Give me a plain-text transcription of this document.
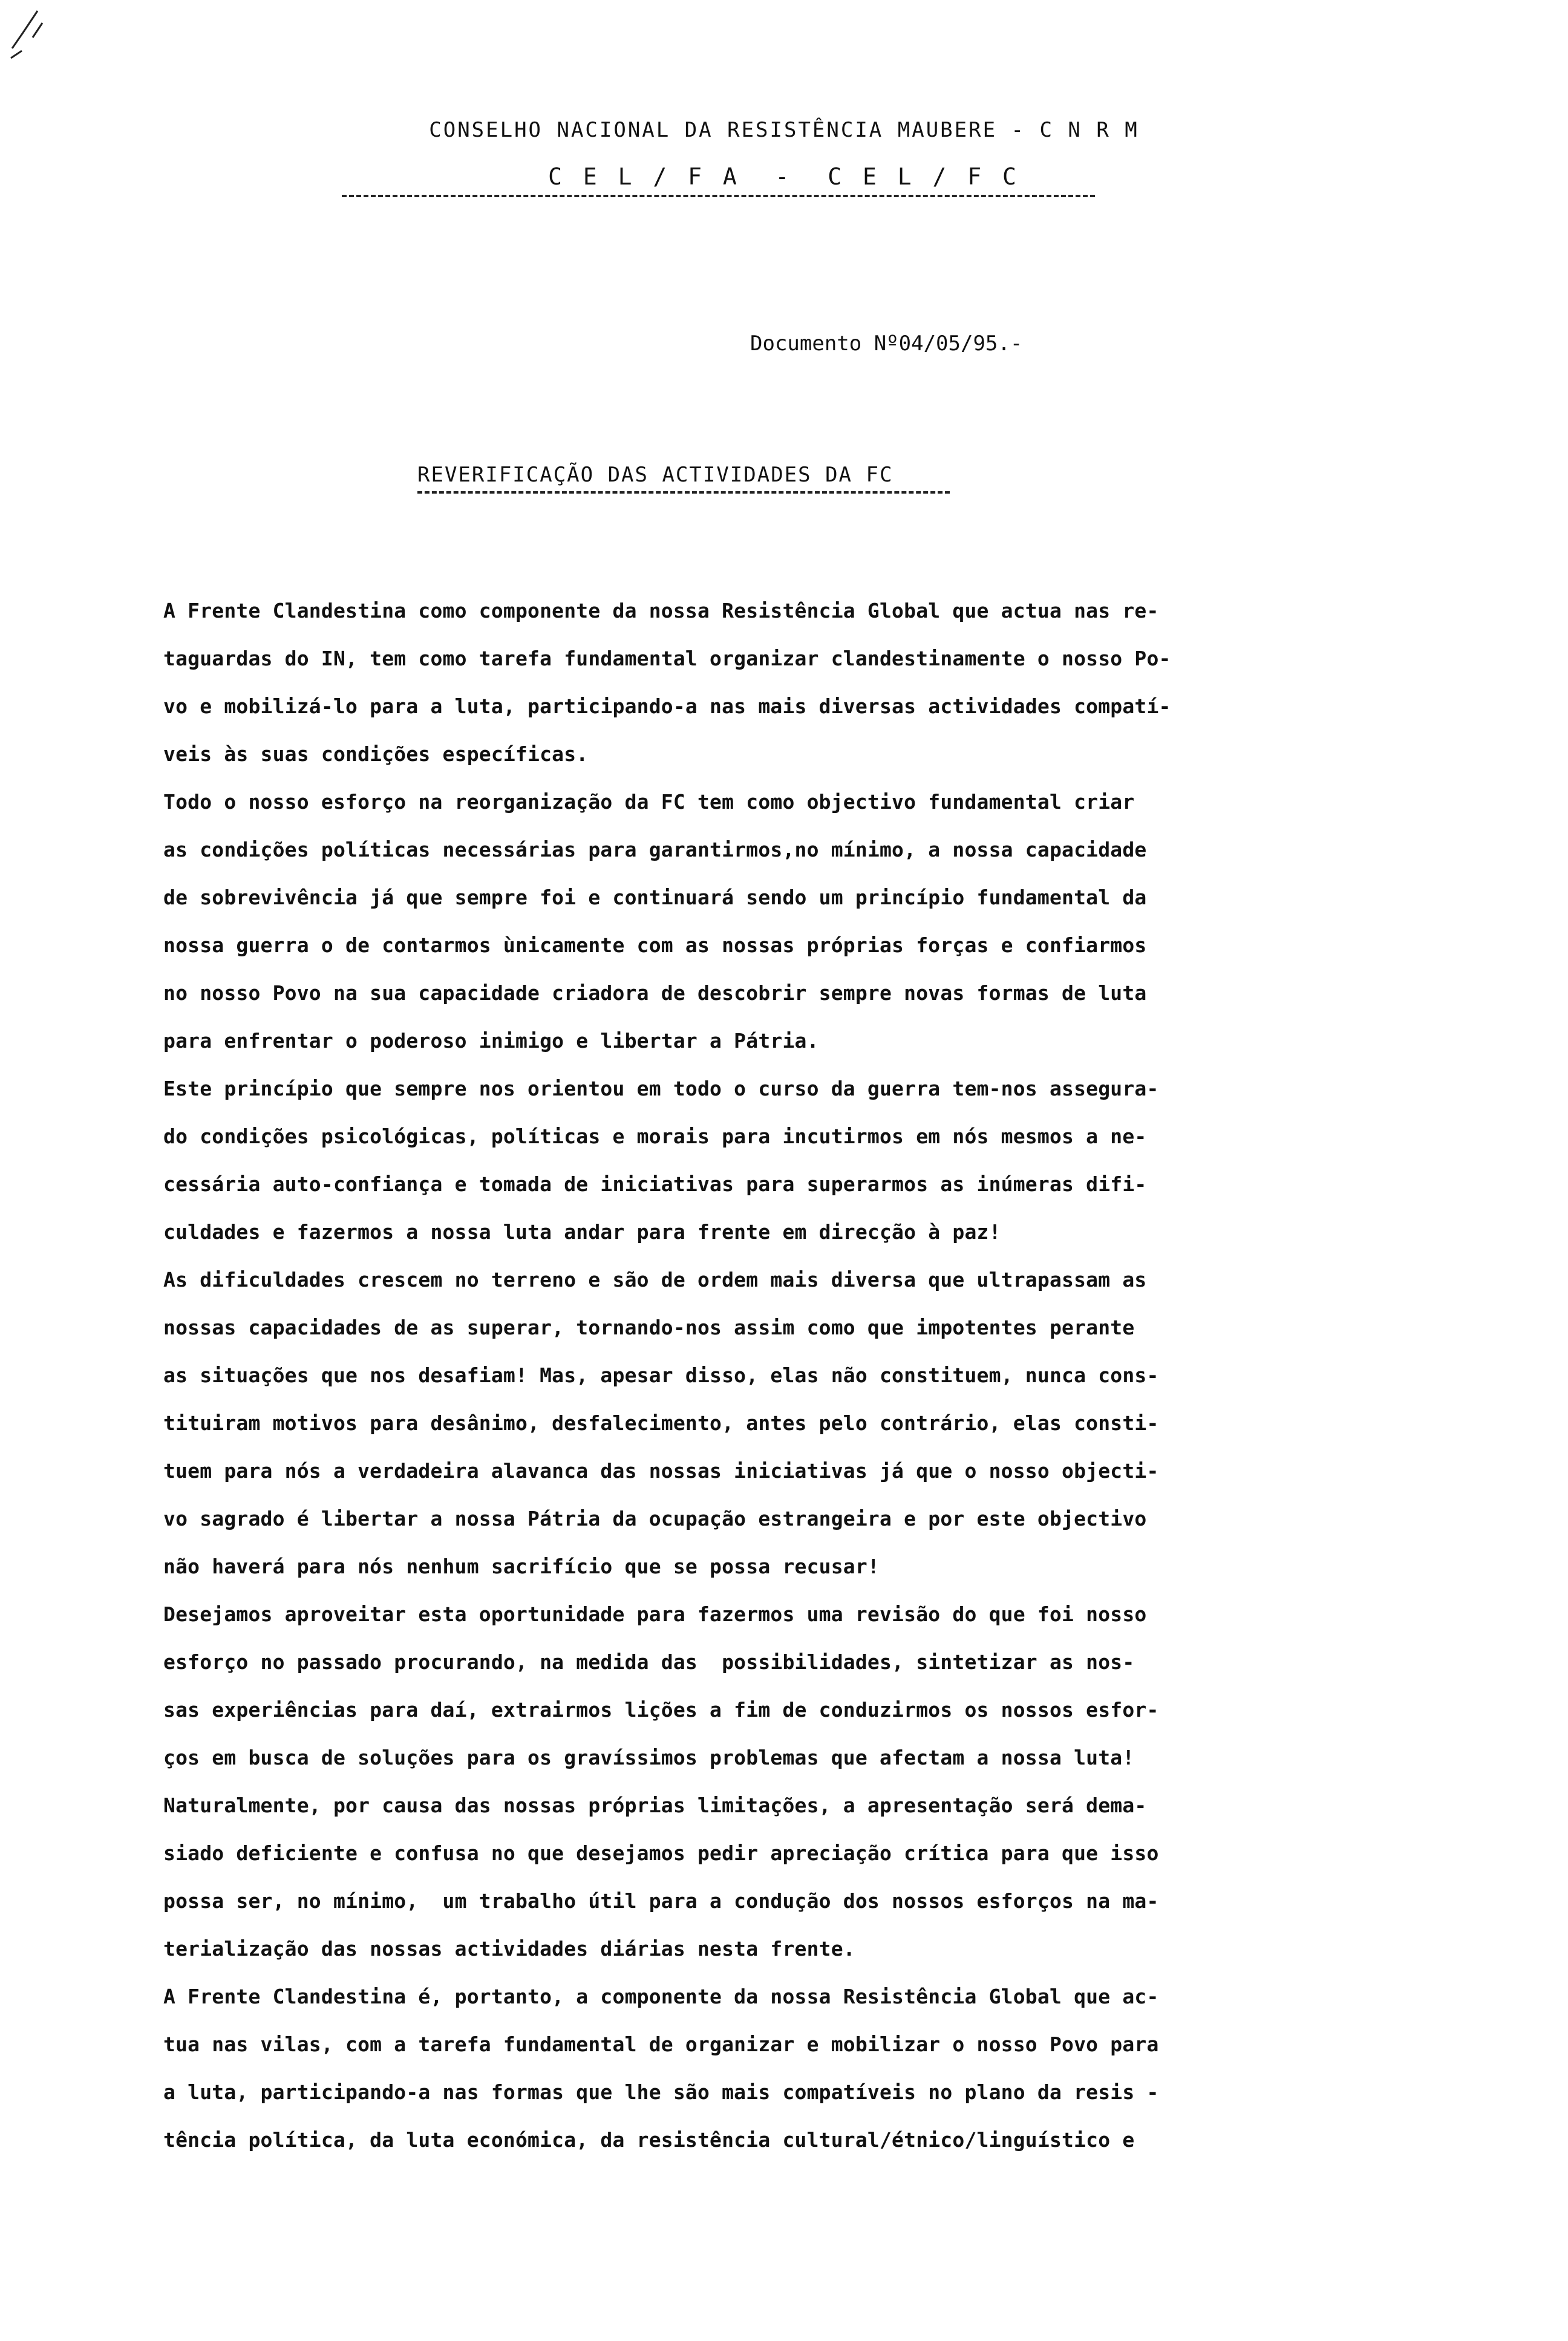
CONSELHO NACIONAL DA RESISTÊNCIA MAUBERE - C N R M
C E L / F A  -  C E L / F C
Documento Nº04/05/95.-
REVERIFICAÇÃO DAS ACTIVIDADES DA FC
A Frente Clandestina como componente da nossa Resistência Global que actua nas re-
taguardas do IN, tem como tarefa fundamental organizar clandestinamente o nosso Po-
vo e mobilizá-lo para a luta, participando-a nas mais diversas actividades compatí-
veis às suas condições específicas.
Todo o nosso esforço na reorganização da FC tem como objectivo fundamental criar
as condições políticas necessárias para garantirmos,no mínimo, a nossa capacidade
de sobrevivência já que sempre foi e continuará sendo um princípio fundamental da
nossa guerra o de contarmos ùnicamente com as nossas próprias forças e confiarmos
no nosso Povo na sua capacidade criadora de descobrir sempre novas formas de luta
para enfrentar o poderoso inimigo e libertar a Pátria.
Este princípio que sempre nos orientou em todo o curso da guerra tem-nos assegura-
do condições psicológicas, políticas e morais para incutirmos em nós mesmos a ne-
cessária auto-confiança e tomada de iniciativas para superarmos as inúmeras difi-
culdades e fazermos a nossa luta andar para frente em direcção à paz!
As dificuldades crescem no terreno e são de ordem mais diversa que ultrapassam as
nossas capacidades de as superar, tornando-nos assim como que impotentes perante
as situações que nos desafiam! Mas, apesar disso, elas não constituem, nunca cons-
tituiram motivos para desânimo, desfalecimento, antes pelo contrário, elas consti-
tuem para nós a verdadeira alavanca das nossas iniciativas já que o nosso objecti-
vo sagrado é libertar a nossa Pátria da ocupação estrangeira e por este objectivo
não haverá para nós nenhum sacrifício que se possa recusar!
Desejamos aproveitar esta oportunidade para fazermos uma revisão do que foi nosso
esforço no passado procurando, na medida das  possibilidades, sintetizar as nos-
sas experiências para daí, extrairmos lições a fim de conduzirmos os nossos esfor-
ços em busca de soluções para os gravíssimos problemas que afectam a nossa luta!
Naturalmente, por causa das nossas próprias limitações, a apresentação será dema-
siado deficiente e confusa no que desejamos pedir apreciação crítica para que isso
possa ser, no mínimo,  um trabalho útil para a condução dos nossos esforços na ma-
terialização das nossas actividades diárias nesta frente.
A Frente Clandestina é, portanto, a componente da nossa Resistência Global que ac-
tua nas vilas, com a tarefa fundamental de organizar e mobilizar o nosso Povo para
a luta, participando-a nas formas que lhe são mais compatíveis no plano da resis -
tência política, da luta económica, da resistência cultural/étnico/linguístico e
